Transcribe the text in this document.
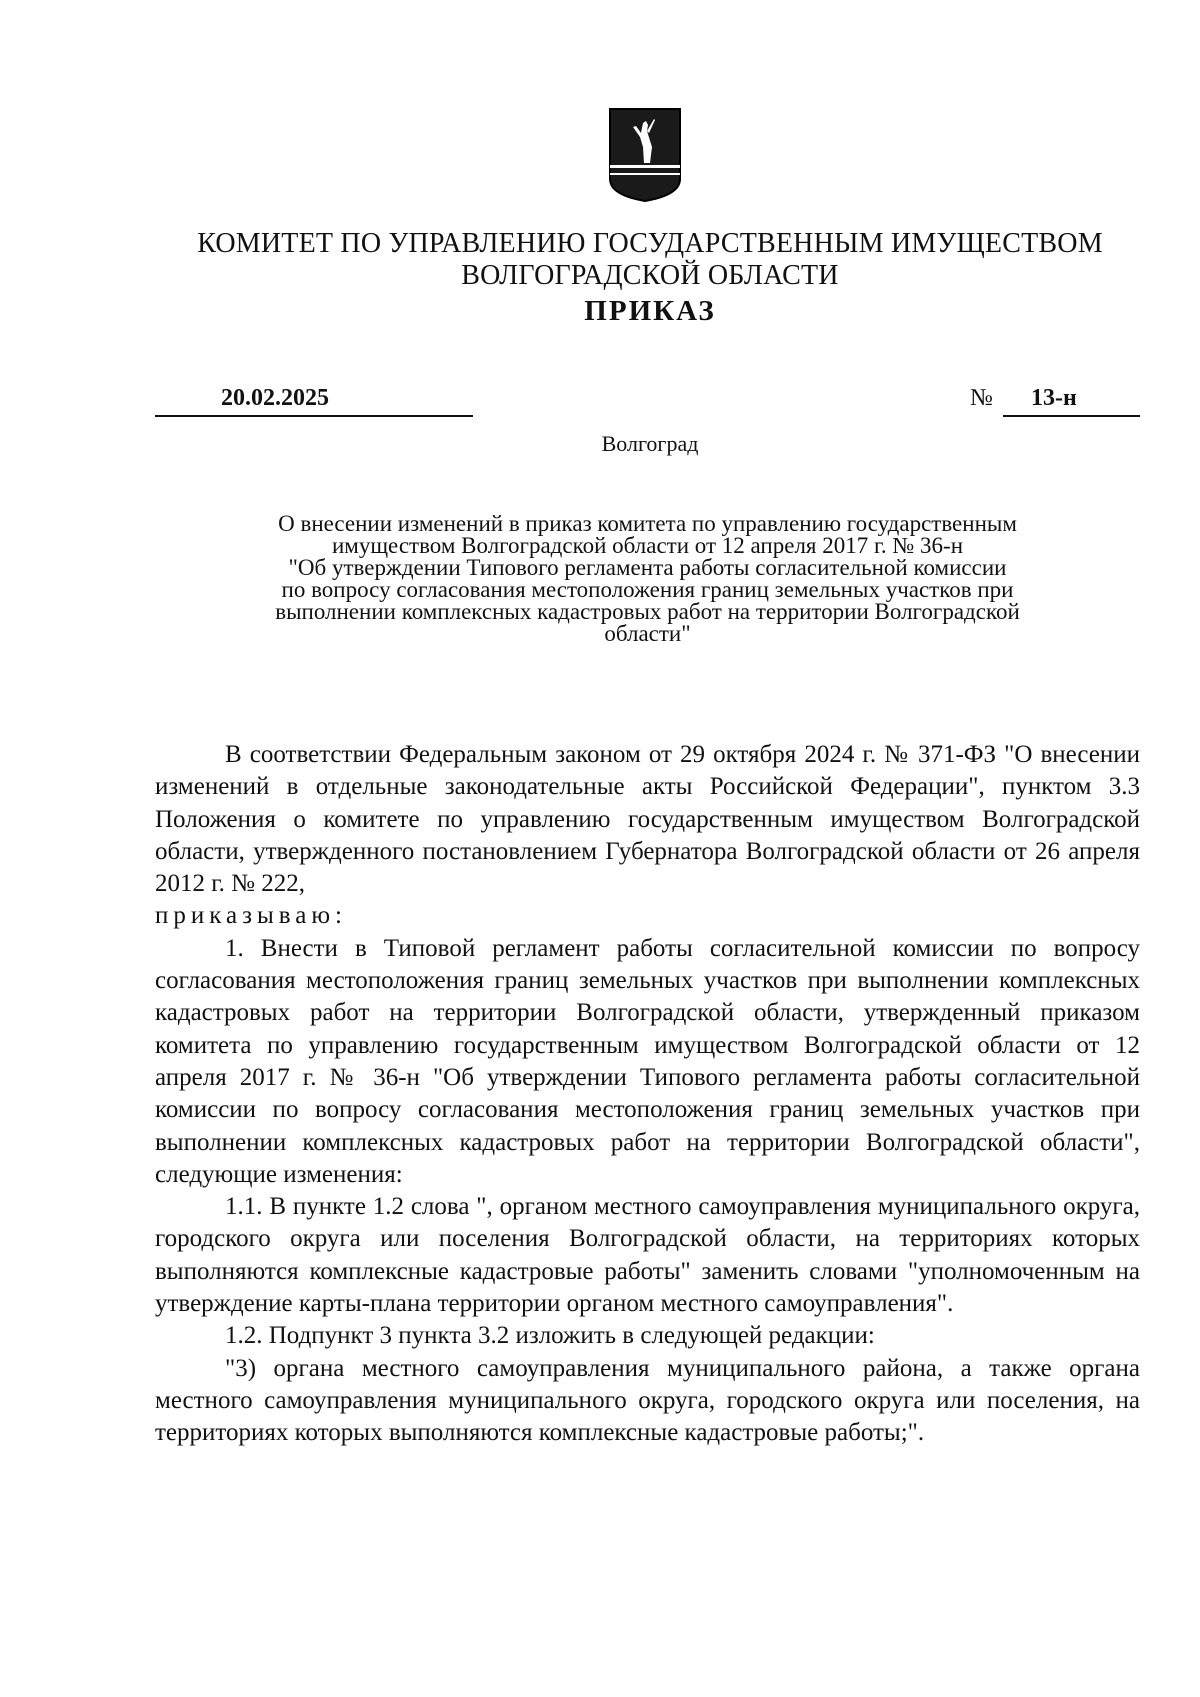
КОМИТЕТ ПО УПРАВЛЕНИЮ ГОСУДАРСТВЕННЫМ ИМУЩЕСТВОМ
ВОЛГОГРАДСКОЙ ОБЛАСТИ
ПРИКАЗ
20.02.2025	№ 13-н
Волгоград
О внесении изменений в приказ комитета по управлению государственным
имуществом Волгоградской области от 12 апреля 2017 г. № 36-н
"Об утверждении Типового регламента работы согласительной комиссии
по вопросу согласования местоположения границ земельных участков при
выполнении комплексных кадастровых работ на территории Волгоградской
области"

В соответствии Федеральным законом от 29 октября 2024 г. № 371-ФЗ "О внесении изменений в отдельные законодательные акты Российской Федерации", пунктом 3.3 Положения о комитете по управлению государственным имуществом Волгоградской области, утвержденного постановлением Губернатора Волгоградской области от 26 апреля 2012 г. № 222,

приказываю:

1. Внести в Типовой регламент работы согласительной комиссии по вопросу согласования местоположения границ земельных участков при выполнении комплексных кадастровых работ на территории Волгоградской области, утвержденный приказом комитета по управлению государственным имуществом Волгоградской области от 12 апреля 2017 г. № 36-н "Об утверждении Типового регламента работы согласительной комиссии по вопросу согласования местоположения границ земельных участков при выполнении комплексных кадастровых работ на территории Волгоградской области", следующие изменения:

1.1. В пункте 1.2 слова ", органом местного самоуправления муниципального округа, городского округа или поселения Волгоградской области, на территориях которых выполняются комплексные кадастровые работы" заменить словами "уполномоченным на утверждение карты-плана территории органом местного самоуправления".

1.2. Подпункт 3 пункта 3.2 изложить в следующей редакции:

"3) органа местного самоуправления муниципального района, а также органа местного самоуправления муниципального округа, городского округа или поселения, на территориях которых выполняются комплексные кадастровые работы;".
